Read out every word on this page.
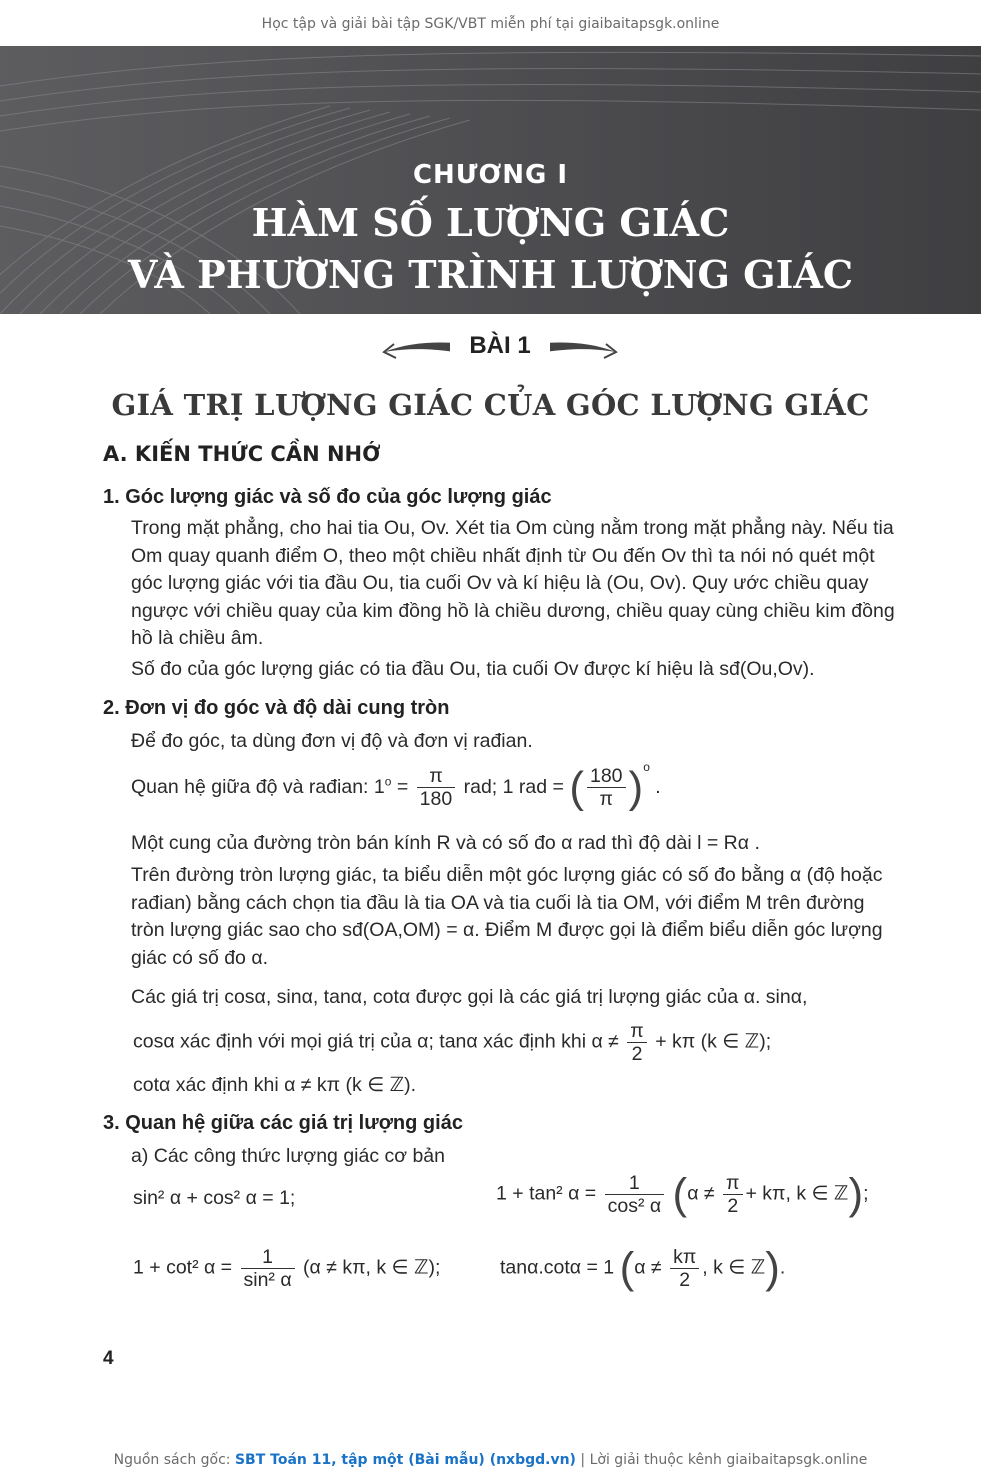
Học tập và giải bài tập SGK/VBT miễn phí tại giaibaitapsgk.online
CHƯƠNG I
HÀM SỐ LƯỢNG GIÁC
VÀ PHƯƠNG TRÌNH LƯỢNG GIÁC
BÀI 1
GIÁ TRỊ LƯỢNG GIÁC CỦA GÓC LƯỢNG GIÁC
A. KIẾN THỨC CẦN NHỚ
1. Góc lượng giác và số đo của góc lượng giác
Trong mặt phẳng, cho hai tia Ou, Ov. Xét tia Om cùng nằm trong mặt phẳng này. Nếu tia Om quay quanh điểm O, theo một chiều nhất định từ Ou đến Ov thì ta nói nó quét một góc lượng giác với tia đầu Ou, tia cuối Ov và kí hiệu là (Ou, Ov). Quy ước chiều quay ngược với chiều quay của kim đồng hồ là chiều dương, chiều quay cùng chiều kim đồng hồ là chiều âm.
Số đo của góc lượng giác có tia đầu Ou, tia cuối Ov được kí hiệu là sđ(Ou,Ov).
2. Đơn vị đo góc và độ dài cung tròn
Để đo góc, ta dùng đơn vị độ và đơn vị rađian.
Quan hệ giữa độ và rađian: $1^o = \frac{\pi}{180}$ rad; 1 rad = ( $\frac{180}{\pi} )^o$ .
Một cung của đường tròn bán kính R và có số đo α rad thì độ dài l = Rα .
Trên đường tròn lượng giác, ta biểu diễn một góc lượng giác có số đo bằng α (độ hoặc rađian) bằng cách chọn tia đầu là tia OA và tia cuối là tia OM, với điểm M trên đường tròn lượng giác sao cho sđ(OA,OM) = α. Điểm M được gọi là điểm biểu diễn góc lượng giác có số đo α.
Các giá trị cosα, sinα, tanα, cotα được gọi là các giá trị lượng giác của α. sinα,
cosα xác định với mọi giá trị của α; tanα xác định khi $\alpha \ne \frac{\pi}{2} + k\pi$ (k ∈ ℤ);
cotα xác định khi α ≠ kπ (k ∈ ℤ).
3. Quan hệ giữa các giá trị lượng giác
a) Các công thức lượng giác cơ bản
sin² α + cos² α = 1;	1 + tan² $\alpha = \frac{1}{\text{cos² α}} (\alpha \ne \frac{\pi}{2} + k\pi$, k ∈ ℤ);
1 + cot² $\alpha = \frac{1}{\text{sin² α}} (\alpha \ne k\pi$, k ∈ ℤ);	tanα.cotα = 1 ($\alpha \ne \frac{k\pi}{2}$ , k ∈ ℤ).
4
Nguồn sách gốc: SBT Toán 11, tập một (Bài mẫu) (nxbgd.vn) | Lời giải thuộc kênh giaibaitapsgk.online
